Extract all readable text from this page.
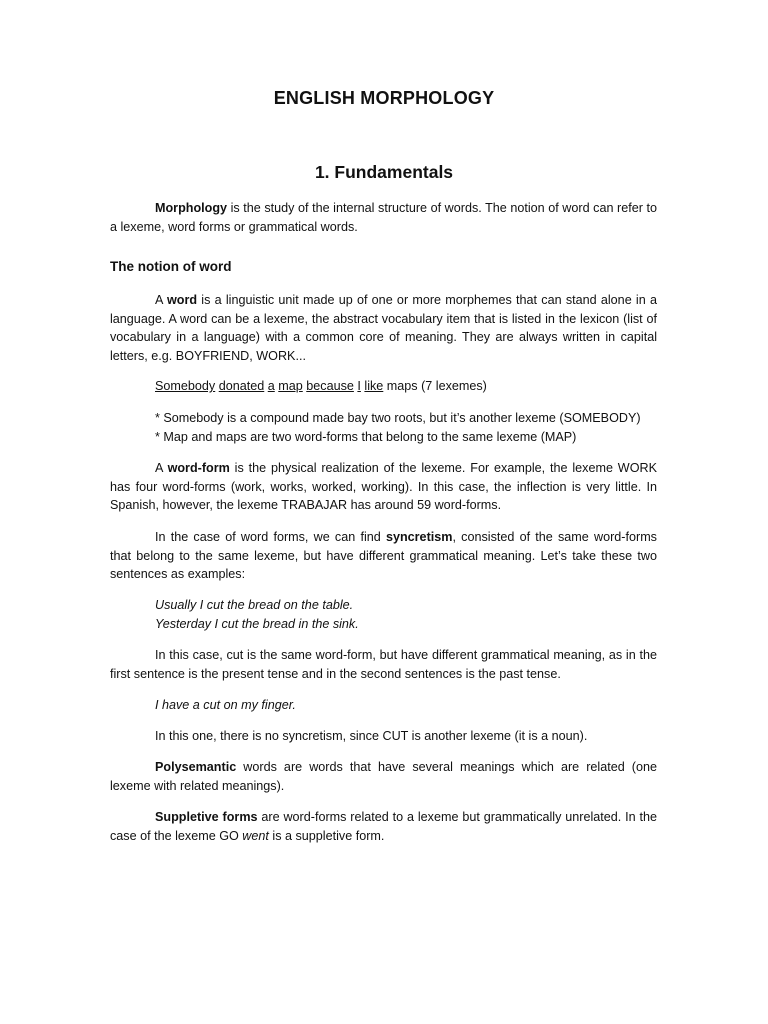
ENGLISH MORPHOLOGY
1. Fundamentals
Morphology is the study of the internal structure of words. The notion of word can refer to a lexeme, word forms or grammatical words.
The notion of word
A word is a linguistic unit made up of one or more morphemes that can stand alone in a language. A word can be a lexeme, the abstract vocabulary item that is listed in the lexicon (list of vocabulary in a language) with a common core of meaning. They are always written in capital letters, e.g. BOYFRIEND, WORK...
Somebody donated a map because I like maps (7 lexemes)
* Somebody is a compound made bay two roots, but it’s another lexeme (SOMEBODY)
* Map and maps are two word-forms that belong to the same lexeme (MAP)
A word-form is the physical realization of the lexeme. For example, the lexeme WORK has four word-forms (work, works, worked, working). In this case, the inflection is very little. In Spanish, however, the lexeme TRABAJAR has around 59 word-forms.
In the case of word forms, we can find syncretism, consisted of the same word-forms that belong to the same lexeme, but have different grammatical meaning. Let’s take these two sentences as examples:
Usually I cut the bread on the table.
Yesterday I cut the bread in the sink.
In this case, cut is the same word-form, but have different grammatical meaning, as in the first sentence is the present tense and in the second sentences is the past tense.
I have a cut on my finger.
In this one, there is no syncretism, since CUT is another lexeme (it is a noun).
Polysemantic words are words that have several meanings which are related (one lexeme with related meanings).
Suppletive forms are word-forms related to a lexeme but grammatically unrelated. In the case of the lexeme GO went is a suppletive form.
